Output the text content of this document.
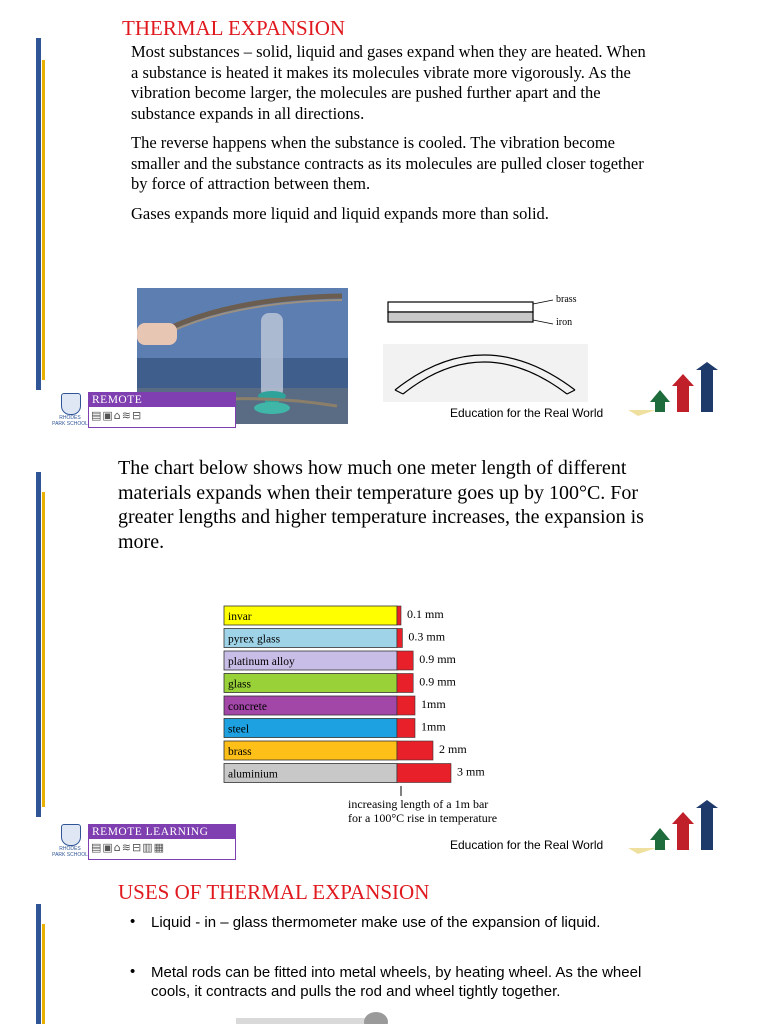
THERMAL EXPANSION

Most substances – solid, liquid and gases expand when they are heated. When a substance is heated it makes its molecules vibrate more vigorously. As the vibration become larger, the molecules are pushed further apart and the substance expands in all directions.

The reverse happens when the substance is cooled. The vibration become smaller and the substance contracts as its molecules are pulled closer together by force of attraction between them.

Gases expands more liquid and liquid expands more than solid.

brass
iron
RHODES PARK SCHOOL
REMOTE
▤▣⌂≋⊟	Education for the Real World

The chart below shows how much one meter length of different materials expands when their temperature goes up by 100°C. For greater lengths and higher temperature increases, the expansion is more.

invar	0.1 mm
pyrex glass	0.3 mm
platinum alloy	0.9 mm
glass	0.9 mm
concrete	1mm
steel	1mm
brass	2 mm
aluminium	3 mm
increasing length of a 1m bar
for a 100°C rise in temperature
RHODES PARK SCHOOL
REMOTE LEARNING
▤▣⌂≋⊟▥▦	Education for the Real World
USES OF THERMAL EXPANSION
• Liquid - in – glass thermometer make use of the expansion of liquid.

• Metal rods can be fitted into metal wheels, by heating wheel. As the wheel cools, it contracts and pulls the rod and wheel tightly together.
